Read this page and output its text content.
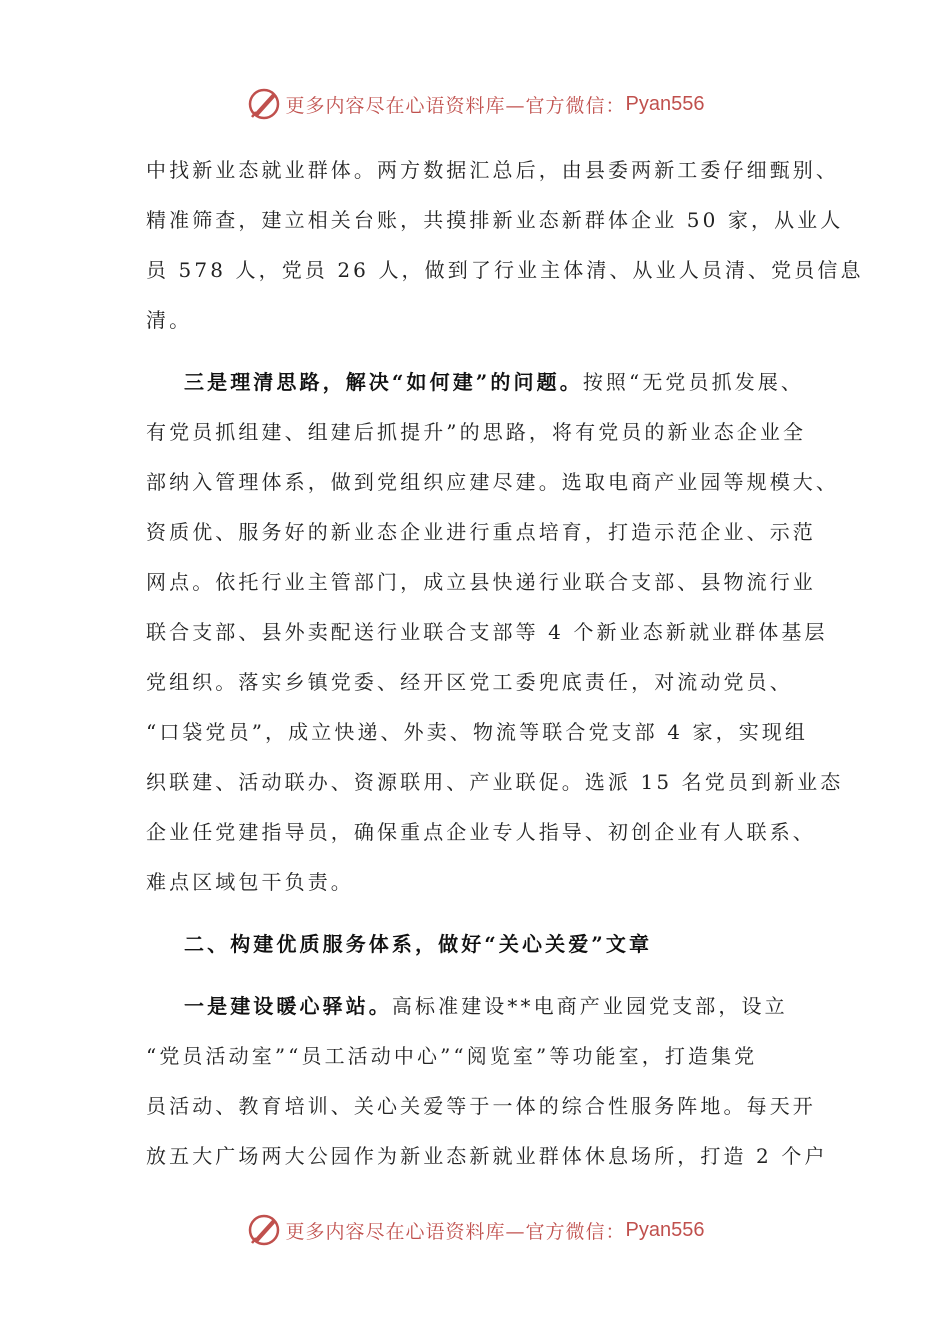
更多内容尽在心语资料库—官方微信： Pyan556
中找新业态就业群体。两方数据汇总后，由县委两新工委仔细甄别、
精准筛查，建立相关台账，共摸排新业态新群体企业 50 家，从业人
员 578 人，党员 26 人，做到了行业主体清、从业人员清、党员信息
清。
三是理清思路，解决“如何建”的问题。按照“无党员抓发展、
有党员抓组建、组建后抓提升”的思路，将有党员的新业态企业全
部纳入管理体系，做到党组织应建尽建。选取电商产业园等规模大、
资质优、服务好的新业态企业进行重点培育，打造示范企业、示范
网点。依托行业主管部门，成立县快递行业联合支部、县物流行业
联合支部、县外卖配送行业联合支部等 4 个新业态新就业群体基层
党组织。落实乡镇党委、经开区党工委兜底责任，对流动党员、
“口袋党员”，成立快递、外卖、物流等联合党支部 4 家，实现组
织联建、活动联办、资源联用、产业联促。选派 15 名党员到新业态
企业任党建指导员，确保重点企业专人指导、初创企业有人联系、
难点区域包干负责。
二、构建优质服务体系，做好“关心关爱”文章
一是建设暖心驿站。高标准建设**电商产业园党支部，设立
“党员活动室”“员工活动中心”“阅览室”等功能室，打造集党
员活动、教育培训、关心关爱等于一体的综合性服务阵地。每天开
放五大广场两大公园作为新业态新就业群体休息场所，打造 2 个户
更多内容尽在心语资料库—官方微信： Pyan556
